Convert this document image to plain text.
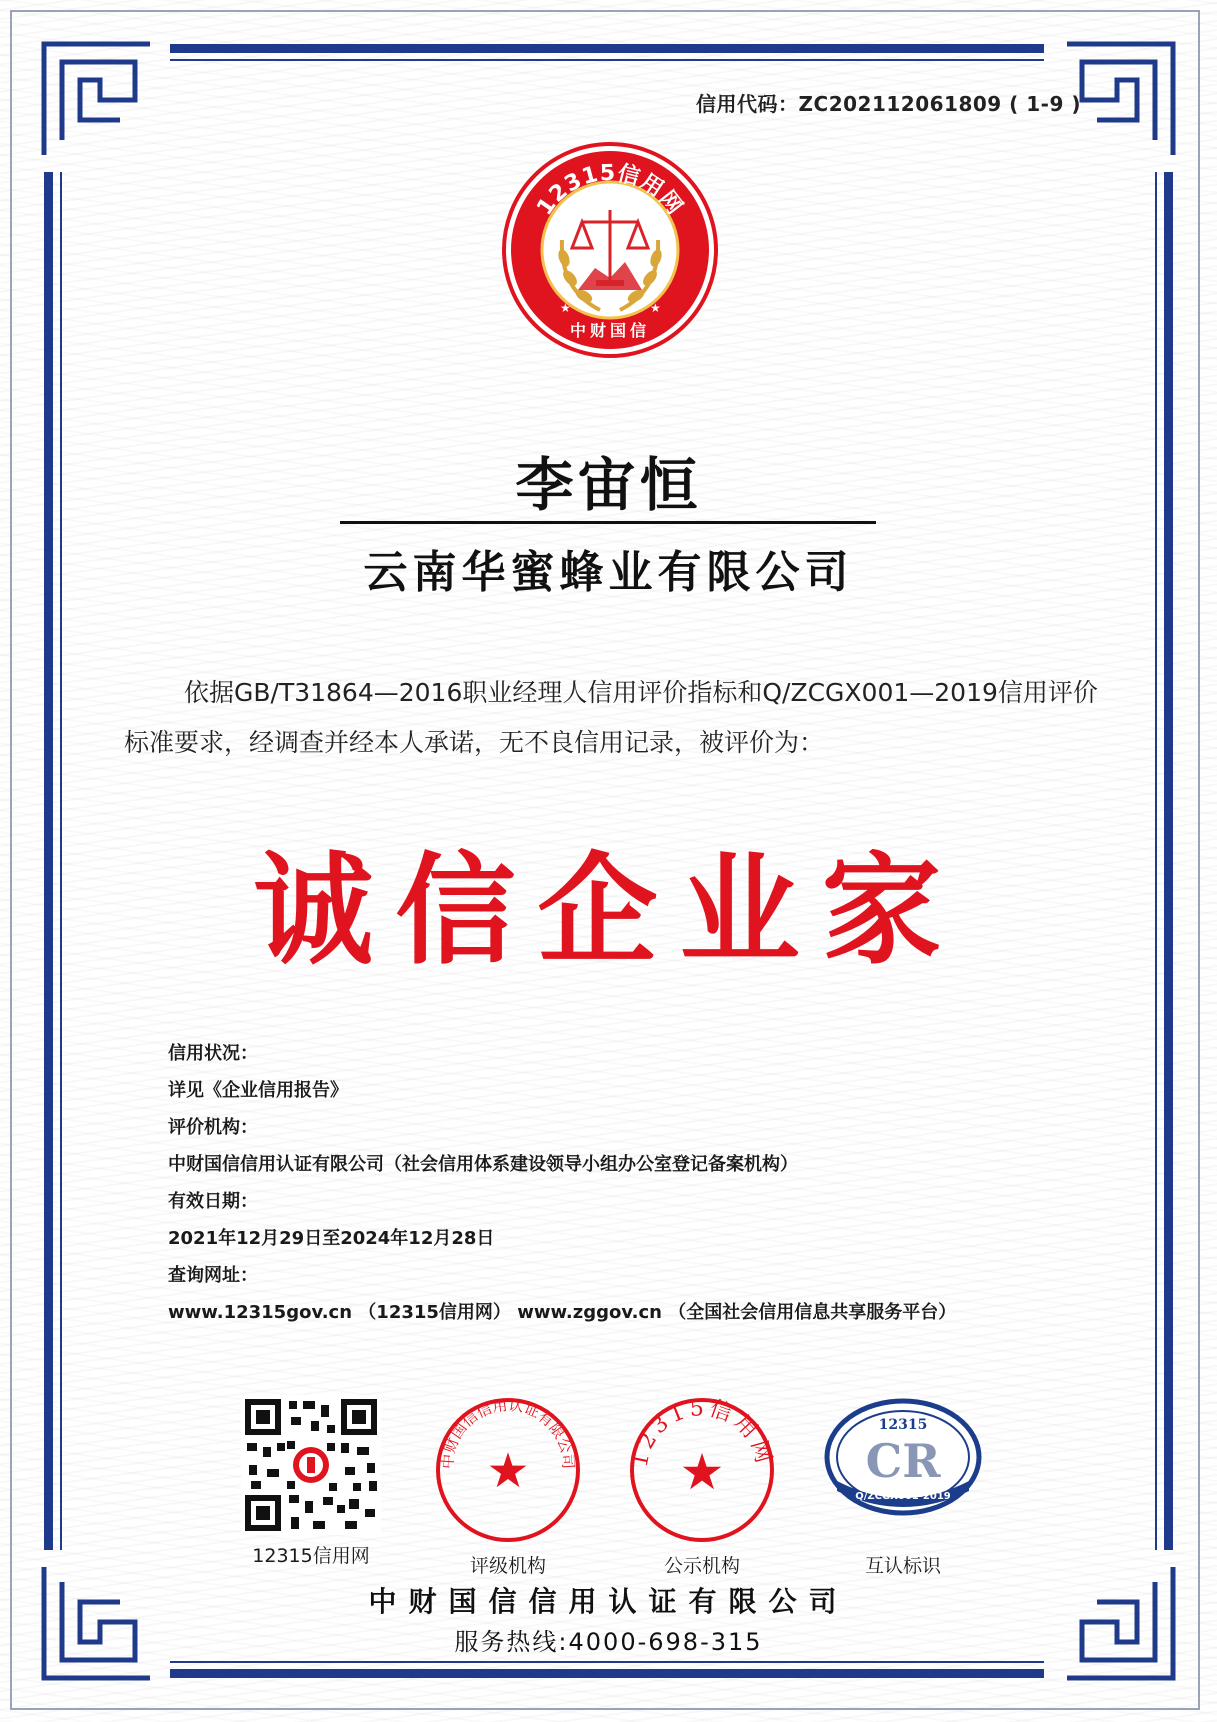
信用代码：ZC202112061809 ( 1-9 )
12315信用网
中财国信
★	★
李宙恒
云南华蜜蜂业有限公司
依据GB/T31864—2016职业经理人信用评价指标和Q/ZCGX001—2019信用评价标准要求，经调查并经本人承诺，无不良信用记录，被评价为：
诚信企业家
信用状况：
详见《企业信用报告》
评价机构：
中财国信信用认证有限公司（社会信用体系建设领导小组办公室登记备案机构）
有效日期：
2021年12月29日至2024年12月28日
查询网址：
www.12315gov.cn （12315信用网） www.zggov.cn （全国社会信用信息共享服务平台）
12315信用网
中财国信信用认证有限公司
★
评级机构
12315信用网
★
公示机构
12315
CR
Q/ZCGX001-2019
互认标识
中财国信信用认证有限公司
服务热线:4000-698-315
